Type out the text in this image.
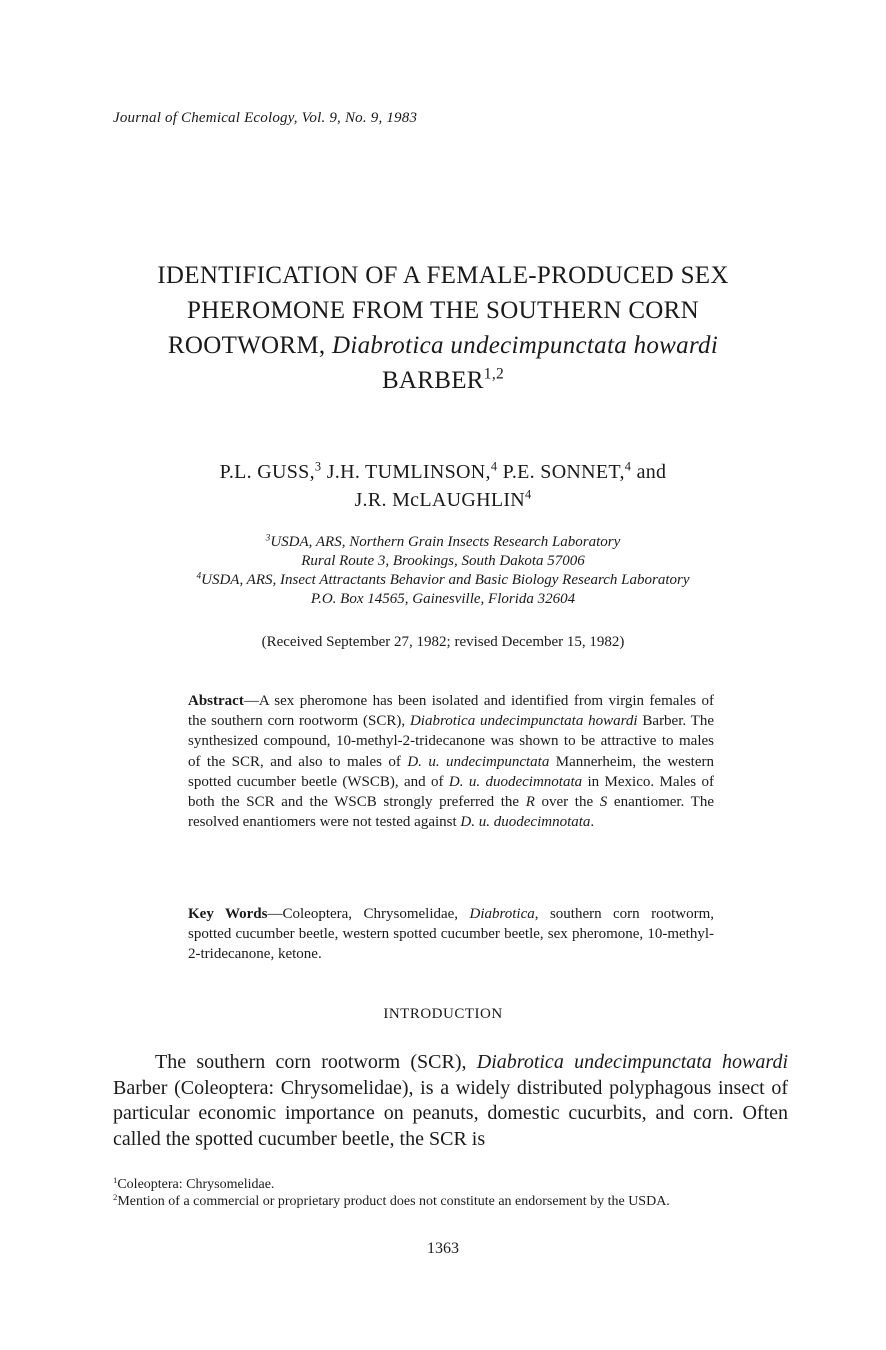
Journal of Chemical Ecology, Vol. 9, No. 9, 1983
IDENTIFICATION OF A FEMALE-PRODUCED SEX
PHEROMONE FROM THE SOUTHERN CORN
ROOTWORM, Diabrotica undecimpunctata howardi
BARBER$^{1,2}$
P.L. GUSS,$^3$ J.H. TUMLINSON,$^4$ P.E. SONNET,$^4$ and
J.R. McLAUGHLIN$^4$
$^3$USDA, ARS, Northern Grain Insects Research Laboratory
Rural Route 3, Brookings, South Dakota 57006
$^4$USDA, ARS, Insect Attractants Behavior and Basic Biology Research Laboratory
P.O. Box 14565, Gainesville, Florida 32604
(Received September 27, 1982; revised December 15, 1982)
Abstract—A sex pheromone has been isolated and identified from virgin females of the southern corn rootworm (SCR), Diabrotica undecimpunctata howardi Barber. The synthesized compound, 10-methyl-2-tridecanone was shown to be attractive to males of the SCR, and also to males of D. u. undecimpunctata Mannerheim, the western spotted cucumber beetle (WSCB), and of D. u. duodecimnotata in Mexico. Males of both the SCR and the WSCB strongly preferred the R over the S enantiomer. The resolved enantiomers were not tested against D. u. duodecimnotata.
Key Words—Coleoptera, Chrysomelidae, Diabrotica, southern corn rootworm, spotted cucumber beetle, western spotted cucumber beetle, sex pheromone, 10-methyl-2-tridecanone, ketone.
INTRODUCTION
The southern corn rootworm (SCR), Diabrotica undecimpunctata howardi Barber (Coleoptera: Chrysomelidae), is a widely distributed polyphagous insect of particular economic importance on peanuts, domestic cucurbits, and corn. Often called the spotted cucumber beetle, the SCR is
$^1$Coleoptera: Chrysomelidae.
$^2$Mention of a commercial or proprietary product does not constitute an endorsement by the USDA.
1363
